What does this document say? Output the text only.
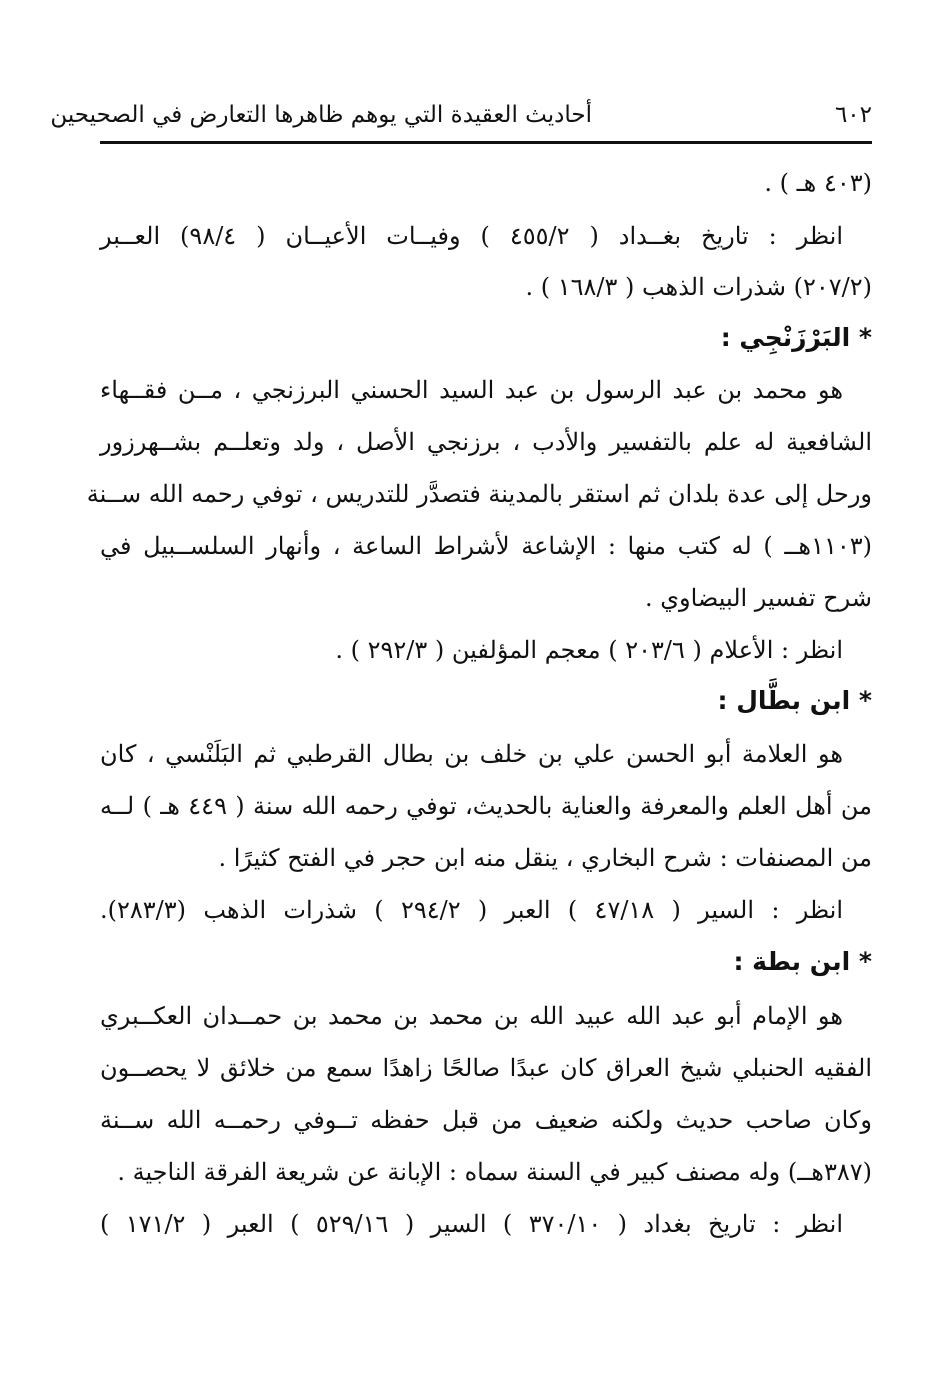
٦٠٢
أحاديث العقيدة التي يوهم ظاهرها التعارض في الصحيحين
(٤٠٣ هـ ) .
انظر : تاريخ بغــداد ( ٤٥٥/٢ ) وفيــات الأعيــان ( ٩٨/٤) العــبر
(٢٠٧/٢) شذرات الذهب ( ١٦٨/٣ ) .
* البَرْزَنْجِي :
هو محمد بن عبد الرسول بن عبد السيد الحسني البرزنجي ، مــن فقــهاء
الشافعية له علم بالتفسير والأدب ، برزنجي الأصل ، ولد وتعلــم بشــهرزور
ورحل إلى عدة بلدان ثم استقر بالمدينة فتصدَّر للتدريس ، توفي رحمه الله ســنة
(١١٠٣هــ ) له كتب منها : الإشاعة لأشراط الساعة ، وأنهار السلســبيل في
شرح تفسير البيضاوي .
انظر : الأعلام ( ٢٠٣/٦ ) معجم المؤلفين ( ٢٩٢/٣ ) .
* ابن بطَّال :
هو العلامة أبو الحسن علي بن خلف بن بطال القرطبي ثم البَلَنْسي ، كان
من أهل العلم والمعرفة والعناية بالحديث، توفي رحمه الله سنة ( ٤٤٩ هـ ) لــه
من المصنفات : شرح البخاري ، ينقل منه ابن حجر في الفتح كثيرًا .
انظر : السير ( ٤٧/١٨ ) العبر ( ٢٩٤/٢ ) شذرات الذهب (٢٨٣/٣).
* ابن بطة :
هو الإمام أبو عبد الله عبيد الله بن محمد بن محمد بن حمــدان العكــبري
الفقيه الحنبلي شيخ العراق كان عبدًا صالحًا زاهدًا سمع من خلائق لا يحصــون
وكان صاحب حديث ولكنه ضعيف من قبل حفظه تــوفي رحمــه الله ســنة
(٣٨٧هــ) وله مصنف كبير في السنة سماه : الإبانة عن شريعة الفرقة الناجية .
انظر : تاريخ بغداد ( ٣٧٠/١٠ ) السير ( ٥٢٩/١٦ ) العبر ( ١٧١/٢ )
